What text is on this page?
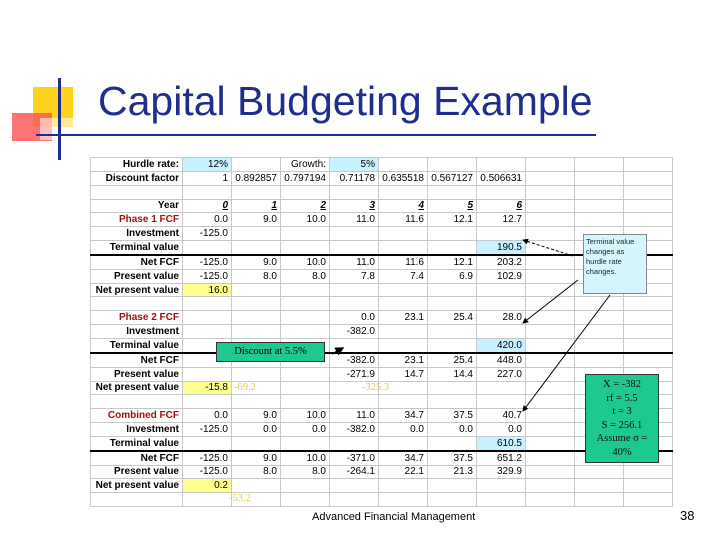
Capital Budgeting Example
Hurdle rate:	12%		Growth:	5%						
Discount factor	1	0.892857	0.797194	0.71178	0.635518	0.567127	0.506631			

Year	0	1	2	3	4	5	6			
Phase 1 FCF	0.0	9.0	10.0	11.0	11.6	12.1	12.7			
Investment	-125.0									
Terminal value							190.5			
Net FCF	-125.0	9.0	10.0	11.0	11.6	12.1	203.2			
Present value	-125.0	8.0	8.0	7.8	7.4	6.9	102.9			
Net present value	16.0									

Phase 2 FCF				0.0	23.1	25.4	28.0			
Investment				-382.0						
Terminal value							420.0			
Net FCF				-382.0	23.1	25.4	448.0			
Present value				-271.9	14.7	14.4	227.0			
Net present value	-15.8									

Combined FCF	0.0	9.0	10.0	11.0	34.7	37.5	40.7			
Investment	-125.0	0.0	0.0	-382.0	0.0	0.0	0.0			
Terminal value							610.5			
Net FCF	-125.0	9.0	10.0	-371.0	34.7	37.5	651.2			
Present value	-125.0	8.0	8.0	-264.1	22.1	21.3	329.9			
Net present value	0.2									

Terminal value changes as hurdle rate changes.
X = -382
rf = 5.5
t = 3
S = 256.1
Assume σ = 40%
Discount at 5.5%
-69.2	-325.3
-53.2
Advanced Financial Management	38
